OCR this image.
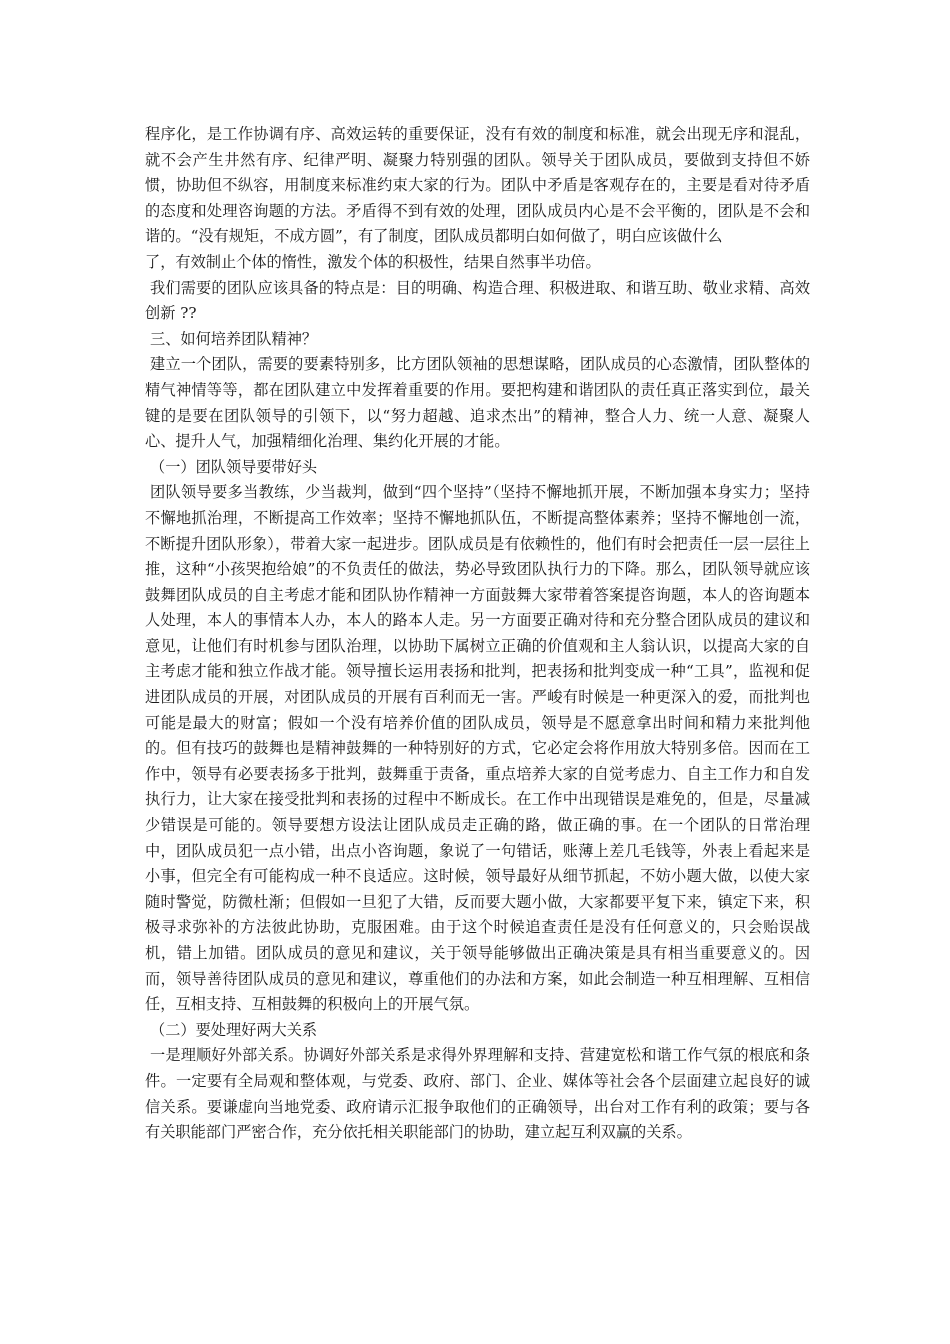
程序化，是工作协调有序、高效运转的重要保证，没有有效的制度和标准，就会出现无序和混乱，就不会产生井然有序、纪律严明、凝聚力特别强的团队。领导关于团队成员，要做到支持但不娇惯，协助但不纵容，用制度来标准约束大家的行为。团队中矛盾是客观存在的，主要是看对待矛盾的态度和处理咨询题的方法。矛盾得不到有效的处理，团队成员内心是不会平衡的，团队是不会和谐的。“没有规矩，不成方圆”，有了制度，团队成员都明白如何做了，明白应该做什么

了，有效制止个体的惰性，激发个体的积极性，结果自然事半功倍。

我们需要的团队应该具备的特点是：目的明确、构造合理、积极进取、和谐互助、敬业求精、高效创新 ??

三、如何培养团队精神？

建立一个团队，需要的要素特别多，比方团队领袖的思想谋略，团队成员的心态激情，团队整体的精气神情等等，都在团队建立中发挥着重要的作用。要把构建和谐团队的责任真正落实到位，最关键的是要在团队领导的引领下，以“努力超越、追求杰出”的精神，整合人力、统一人意、凝聚人心、提升人气，加强精细化治理、集约化开展的才能。

（一）团队领导要带好头

团队领导要多当教练，少当裁判，做到“四个坚持”（坚持不懈地抓开展，不断加强本身实力；坚持不懈地抓治理，不断提高工作效率；坚持不懈地抓队伍，不断提高整体素养；坚持不懈地创一流，不断提升团队形象），带着大家一起进步。团队成员是有依赖性的，他们有时会把责任一层一层往上推，这种“小孩哭抱给娘”的不负责任的做法，势必导致团队执行力的下降。那么，团队领导就应该鼓舞团队成员的自主考虑才能和团队协作精神一方面鼓舞大家带着答案提咨询题，本人的咨询题本人处理，本人的事情本人办，本人的路本人走。另一方面要正确对待和充分整合团队成员的建议和意见，让他们有时机参与团队治理，以协助下属树立正确的价值观和主人翁认识，以提高大家的自主考虑才能和独立作战才能。领导擅长运用表扬和批判，把表扬和批判变成一种“工具”，监视和促进团队成员的开展，对团队成员的开展有百利而无一害。严峻有时候是一种更深入的爱，而批判也可能是最大的财富；假如一个没有培养价值的团队成员，领导是不愿意拿出时间和精力来批判他的。但有技巧的鼓舞也是精神鼓舞的一种特别好的方式，它必定会将作用放大特别多倍。因而在工作中，领导有必要表扬多于批判，鼓舞重于责备，重点培养大家的自觉考虑力、自主工作力和自发执行力，让大家在接受批判和表扬的过程中不断成长。在工作中出现错误是难免的，但是，尽量减少错误是可能的。领导要想方设法让团队成员走正确的路，做正确的事。在一个团队的日常治理中，团队成员犯一点小错，出点小咨询题，象说了一句错话，账薄上差几毛钱等，外表上看起来是小事，但完全有可能构成一种不良适应。这时候，领导最好从细节抓起，不妨小题大做，以使大家随时警觉，防微杜渐；但假如一旦犯了大错，反而要大题小做，大家都要平复下来，镇定下来，积极寻求弥补的方法彼此协助，克服困难。由于这个时候追查责任是没有任何意义的，只会贻误战机，错上加错。团队成员的意见和建议，关于领导能够做出正确决策是具有相当重要意义的。因而，领导善待团队成员的意见和建议，尊重他们的办法和方案，如此会制造一种互相理解、互相信任，互相支持、互相鼓舞的积极向上的开展气氛。

（二）要处理好两大关系

一是理顺好外部关系。协调好外部关系是求得外界理解和支持、营建宽松和谐工作气氛的根底和条件。一定要有全局观和整体观，与党委、政府、部门、企业、媒体等社会各个层面建立起良好的诚信关系。要谦虚向当地党委、政府请示汇报争取他们的正确领导，出台对工作有利的政策；要与各有关职能部门严密合作，充分依托相关职能部门的协助，建立起互利双赢的关系。
